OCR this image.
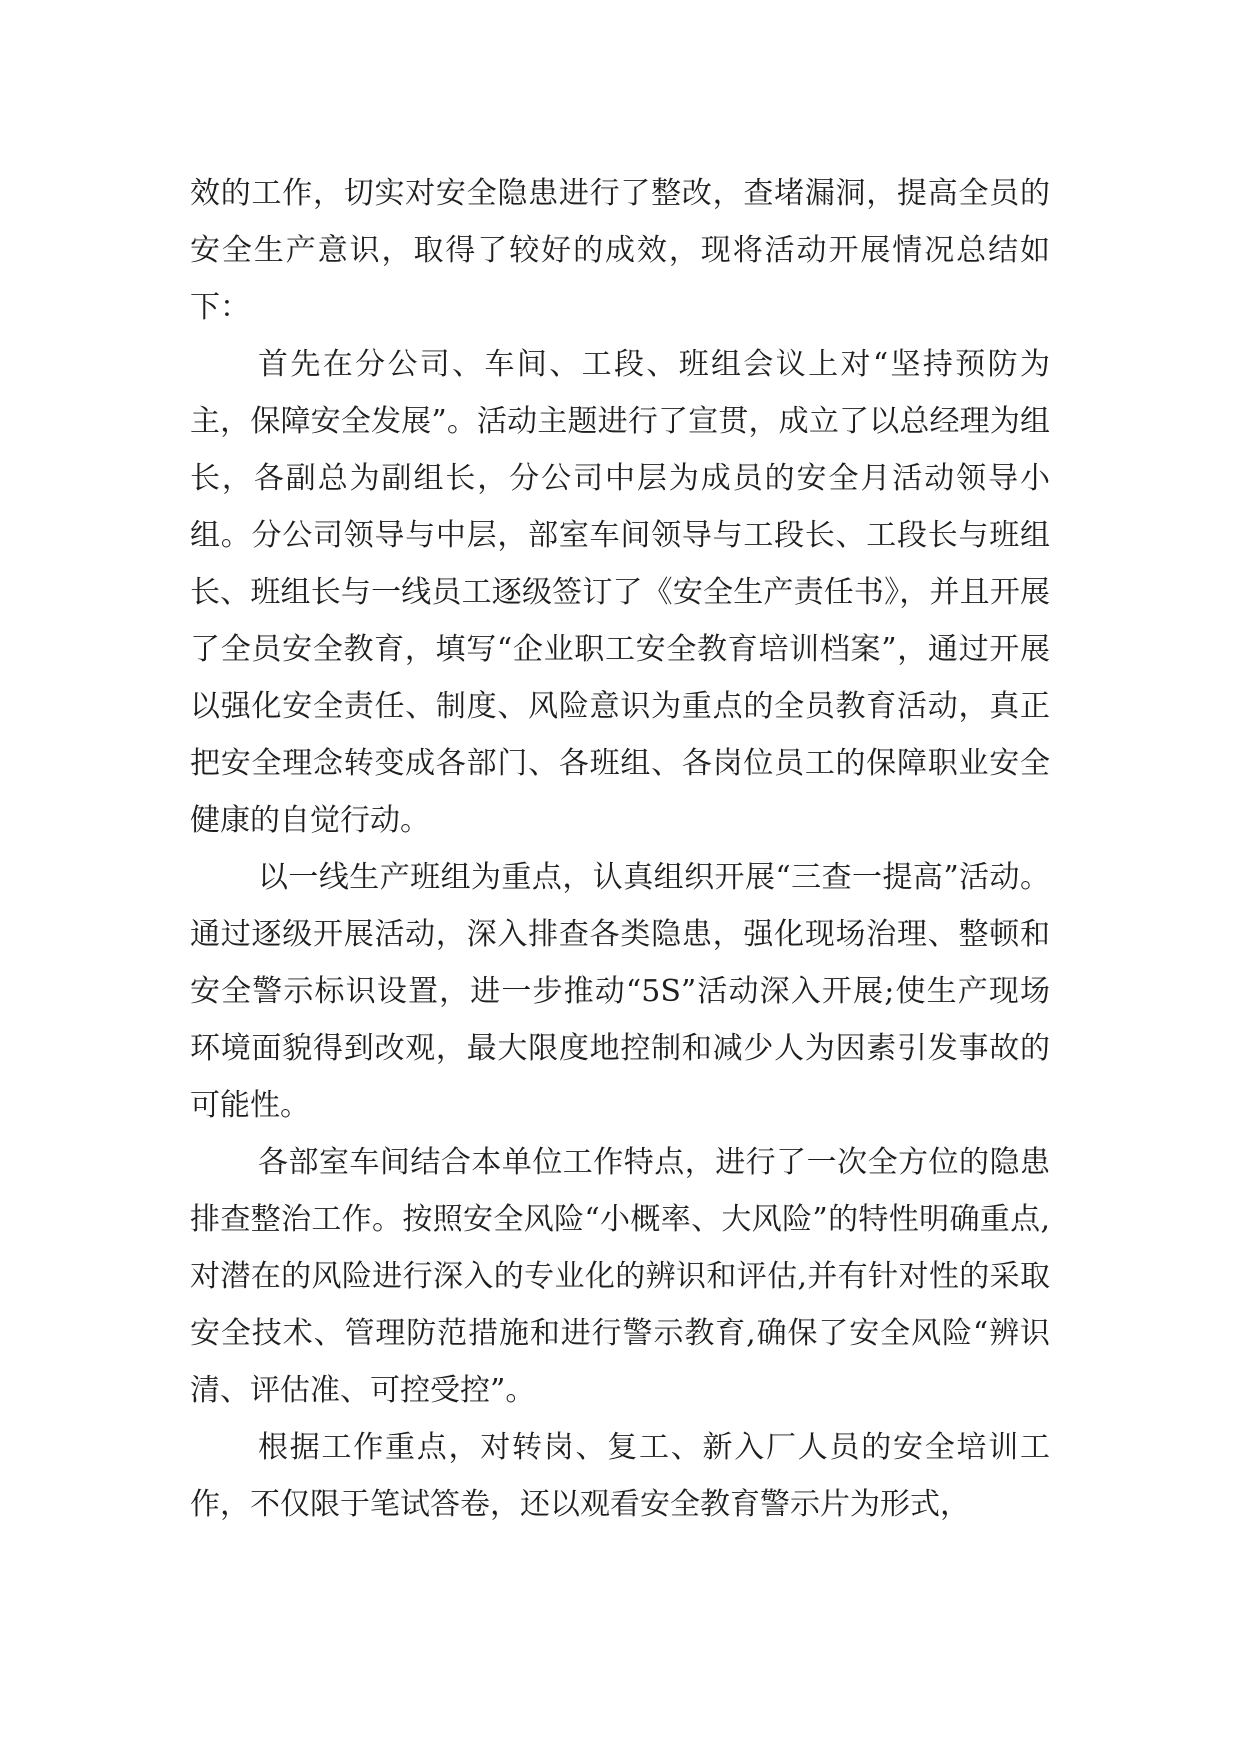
效的工作，切实对安全隐患进行了整改，查堵漏洞，提高全员的安全生产意识，取得了较好的成效，现将活动开展情况总结如下：

首先在分公司、车间、工段、班组会议上对“坚持预防为主，保障安全发展”。活动主题进行了宣贯，成立了以总经理为组长，各副总为副组长，分公司中层为成员的安全月活动领导小组。分公司领导与中层，部室车间领导与工段长、工段长与班组长、班组长与一线员工逐级签订了《安全生产责任书》，并且开展了全员安全教育，填写“企业职工安全教育培训档案”，通过开展以强化安全责任、制度、风险意识为重点的全员教育活动，真正把安全理念转变成各部门、各班组、各岗位员工的保障职业安全健康的自觉行动。

以一线生产班组为重点，认真组织开展“三查一提高”活动。通过逐级开展活动，深入排查各类隐患，强化现场治理、整顿和安全警示标识设置，进一步推动“5S”活动深入开展;使生产现场环境面貌得到改观，最大限度地控制和减少人为因素引发事故的可能性。

各部室车间结合本单位工作特点，进行了一次全方位的隐患排查整治工作。按照安全风险“小概率、大风险”的特性明确重点,对潜在的风险进行深入的专业化的辨识和评估,并有针对性的采取安全技术、管理防范措施和进行警示教育,确保了安全风险“辨识清、评估准、可控受控”。

根据工作重点，对转岗、复工、新入厂人员的安全培训工作，不仅限于笔试答卷，还以观看安全教育警示片为形式，
